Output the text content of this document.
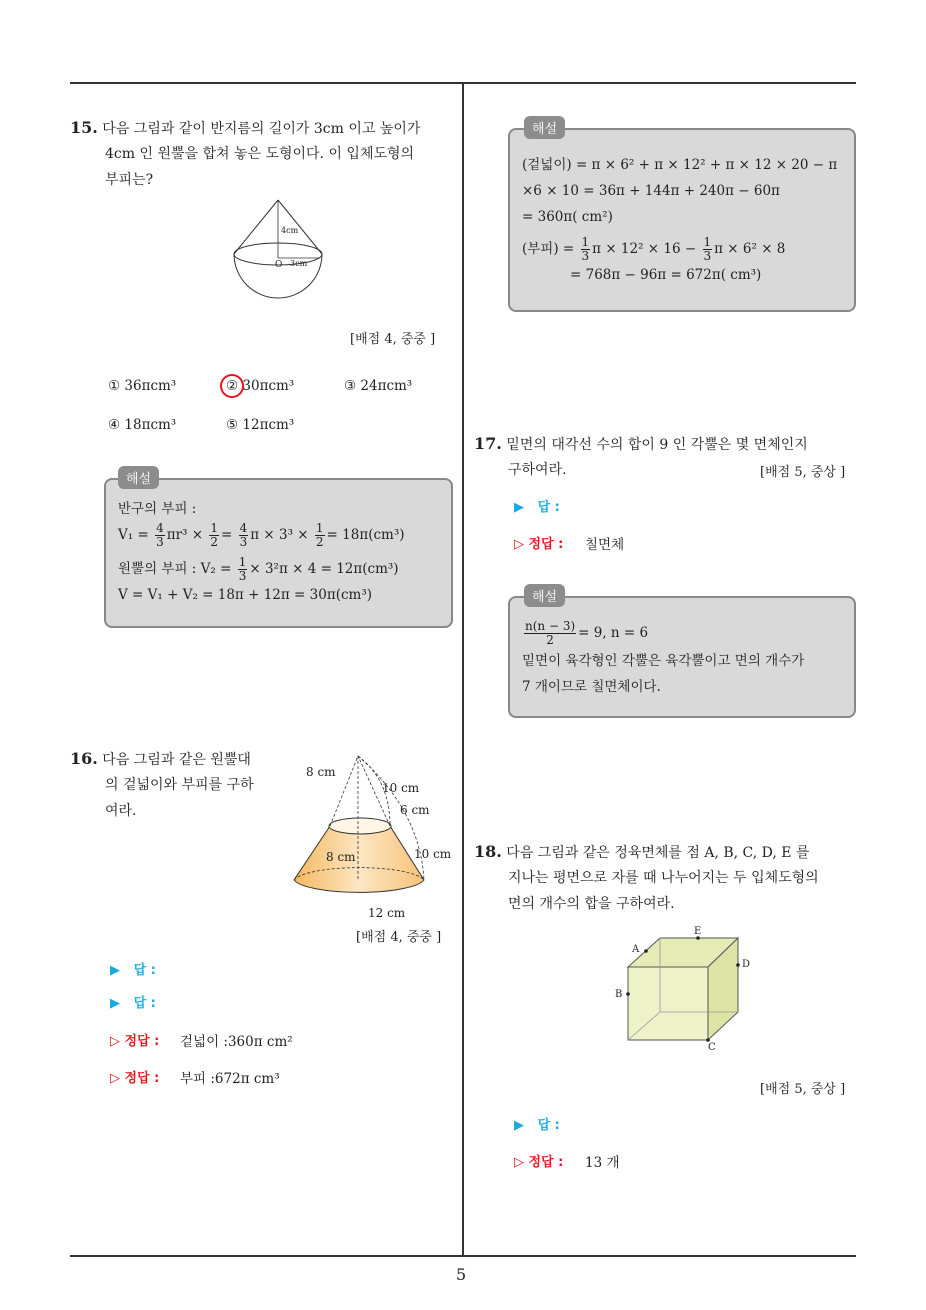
5
15. 다음 그림과 같이 반지름의 길이가 3cm 이고 높이가
4cm 인 원뿔을 합쳐 놓은 도형이다. 이 입체도형의
부피는?
4cm
O 3cm
[배점 4, 중중 ]
① 36πcm³	② 30πcm³	③ 24πcm³
④ 18πcm³	⑤ 12πcm³
해설
반구의 부피 :
$V_1 = \frac{4}{3} \pi r^3 \times \frac{1}{2} = \frac{4}{3}$ $\pi \times 3^3 \times \frac{1}{2} = 18\pi(cm^3)$
원뿔의 부피 : $V_2 = \frac{1}{3} \times 3^2\pi \times 4 = 12\pi(cm^3)$
V = V₁ + V₂ = 18π + 12π = 30π(cm³)
16. 다음 그림과 같은 원뿔대
의 겉넓이와 부피를 구하
여라.
8 cm
10 cm
6 cm
8 cm	10 cm
12 cm
[배점 4, 중중 ]
▶ 답 :
▶ 답 :
▷ 정답 : 겉넓이 :360π cm²
▷ 정답 : 부피 :672π cm³
해설
(겉넓이) = π × 6² + π × 12² + π × 12 × 20 − π
×6 × 10 = 36π + 144π + 240π − 60π
= 360π( cm²)
(부피) = $\frac{1}{3}$ $\pi \times 12^2 \times 16 - \frac{1}{3}$ π × 6² × 8
= 768π − 96π = 672π( cm³)
17. 밑면의 대각선 수의 합이 9 인 각뿔은 몇 면체인지
구하여라.	[배점 5, 중상 ]
▶ 답 :
▷ 정답 : 칠면체
해설
$\frac{n(n - 3)}{2} = 9$, n = 6
밑면이 육각형인 각뿔은 육각뿔이고 면의 개수가
7 개이므로 칠면체이다.
18. 다음 그림과 같은 정육면체를 점 A, B, C, D, E 를
지나는 평면으로 자를 때 나누어지는 두 입체도형의
면의 개수의 합을 구하여라.
A
E
D
B
C
[배점 5, 중상 ]
▶ 답 :
▷ 정답 : 13 개
